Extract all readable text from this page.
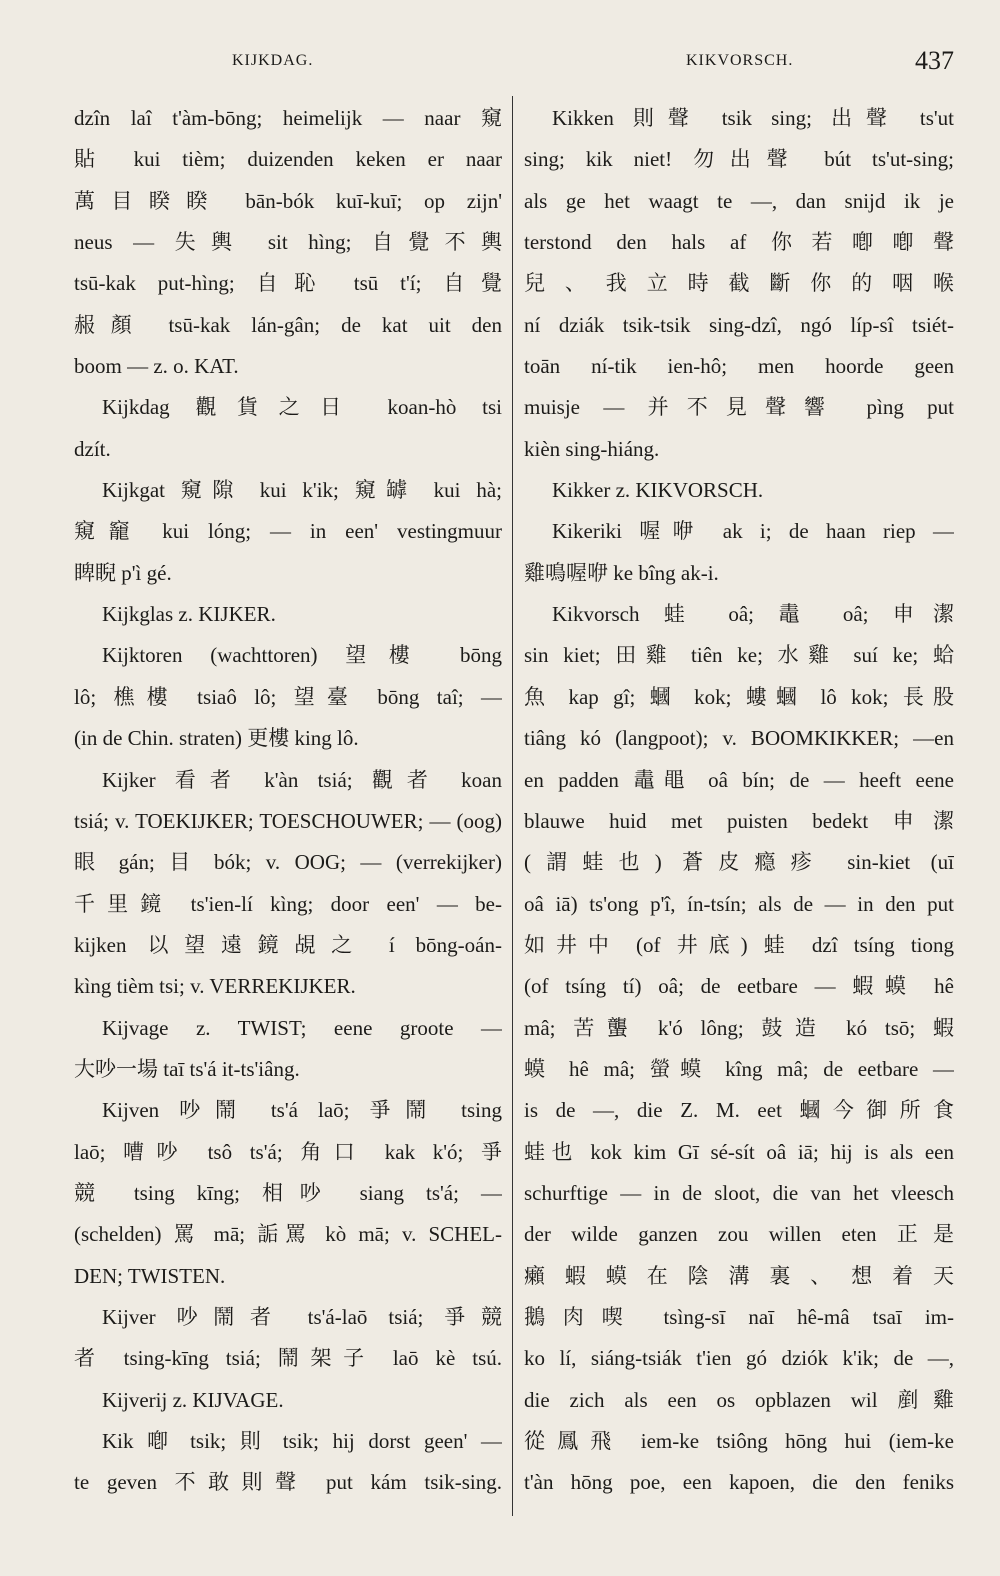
KIJKDAG.	KIKVORSCH.	437
dzîn laî t'àm-bōng; heimelijk — naar 窺
貼 kui tièm; duizenden keken er naar
萬目睽睽 bān-bók kuī-kuī; op zijn'
neus — 失輿 sit hìng; 自覺不輿
tsū-kak put-hìng; 自恥 tsū t'í; 自覺
赧顏 tsū-kak lán-gân; de kat uit den
boom — z. o. KAT.
Kijkdag 觀貨之日 koan-hò tsi
dzít.
Kijkgat 窺隙 kui k'ik; 窺罅 kui hà;
窺竉 kui lóng; — in een' vestingmuur
睥睨 p'ì gé.
Kijkglas z. KIJKER.
Kijktoren (wachttoren) 望樓 bōng
lô; 樵樓 tsiaô lô; 望臺 bōng taî; —
(in de Chin. straten) 更樓 king lô.
Kijker 看者 k'àn tsiá; 觀者 koan
tsiá; v. TOEKIJKER; TOESCHOUWER; — (oog)
眼 gán; 目 bók; v. OOG; — (verrekijker)
千里鏡 ts'ien-lí kìng; door een' — be-
kijken 以望遠鏡覘之 í bōng-oán-
kìng tièm tsi; v. VERREKIJKER.
Kijvage z. TWIST; eene groote —
大吵一場 taī ts'á it-ts'iâng.
Kijven 吵鬧 ts'á laō; 爭鬧 tsing
laō; 嘈吵 tsô ts'á; 角口 kak k'ó; 爭
競 tsing kīng; 相吵 siang ts'á; —
(schelden) 罵 mā; 詬罵 kò mā; v. SCHEL-
DEN; TWISTEN.
Kijver 吵鬧者 ts'á-laō tsiá; 爭競
者 tsing-kīng tsiá; 鬧架子 laō kè tsú.
Kijverij z. KIJVAGE.
Kik 喞 tsik; 則 tsik; hij dorst geen' —
te geven 不敢則聲 put kám tsik-sing.
Kikken 則聲 tsik sing; 出聲 ts'ut
sing; kik niet! 勿出聲 bút ts'ut-sing;
als ge het waagt te —, dan snijd ik je
terstond den hals af 你若喞喞聲
兒、我立時截斷你的咽喉
ní dziák tsik-tsik sing-dzî, ngó líp-sî tsiét-
toān ní-tik ien-hô; men hoorde geen
muisje — 并不見聲響 pìng put
kièn sing-hiáng.
Kikker z. KIKVORSCH.
Kikeriki 喔咿 ak i; de haan riep —
雞鳴喔咿 ke bîng ak-i.
Kikvorsch 蛙 oâ; 鼃 oâ; 申潔
sin kiet; 田雞 tiên ke; 水雞 suí ke; 蛤
魚 kap gî; 蟈 kok; 螻蟈 lô kok; 長股
tiâng kó (langpoot); v. BOOMKIKKER; —en
en padden 鼃黽 oâ bín; de — heeft eene
blauwe huid met puisten bedekt 申潔
(謂蛙也) 蒼皮瘾疹 sin-kiet (uī
oâ iā) ts'ong p'î, ín-tsín; als de — in den put
如井中 (of 井底) 蛙 dzî tsíng tiong
(of tsíng tí) oâ; de eetbare — 蝦蟆 hê
mâ; 苦蠪 k'ó lông; 鼓造 kó tsō; 蝦
蟆 hê mâ; 螢蟆 kîng mâ; de eetbare —
is de —, die Z. M. eet 蟈今御所食
蛙也 kok kim Gī sé-sít oâ iā; hij is als een
schurftige — in de sloot, die van het vleesch
der wilde ganzen zou willen eten 正是
癩蝦蟆在陰溝裏、想着天
鵝肉喫 tsìng-sī naī hê-mâ tsaī im-
ko lí, siáng-tsiák t'ien gó dziók k'ik; de —,
die zich als een os opblazen wil 剷雞
從鳳飛 iem-ke tsiông hōng hui (iem-ke
t'àn hōng poe, een kapoen, die den feniks
